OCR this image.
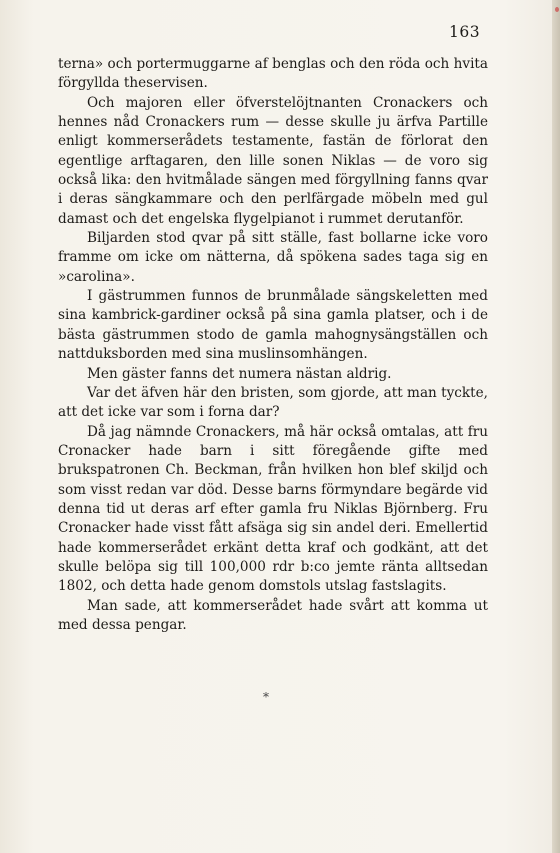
163

terna» och portermuggarne af benglas och den röda och hvita förgyllda theservisen.

Och majoren eller öfverstelöjtnanten Cronackers och hennes nåd Cronackers rum — desse skulle ju ärfva Partille enligt kommerserådets testamente, fastän de förlorat den egentlige arftagaren, den lille sonen Niklas — de voro sig också lika: den hvitmålade sängen med förgyllning fanns qvar i deras sängkammare och den perlfärgade möbeln med gul damast och det engelska flygelpianot i rummet derutanför.

Biljarden stod qvar på sitt ställe, fast bollarne icke voro framme om icke om nätterna, då spökena sades taga sig en »carolina».

I gästrummen funnos de brunmålade sängskeletten med sina kambrick-gardiner också på sina gamla platser, och i de bästa gästrummen stodo de gamla mahognysängställen och nattduksborden med sina muslinsomhängen.

Men gäster fanns det numera nästan aldrig.

Var det äfven här den bristen, som gjorde, att man tyckte, att det icke var som i forna dar?

Då jag nämnde Cronackers, må här också omtalas, att fru Cronacker hade barn i sitt föregående gifte med brukspatronen Ch. Beckman, från hvilken hon blef skiljd och som visst redan var död. Desse barns förmyndare begärde vid denna tid ut deras arf efter gamla fru Niklas Björnberg. Fru Cronacker hade visst fått afsäga sig sin andel deri. Emellertid hade kommerserådet erkänt detta kraf och godkänt, att det skulle belöpa sig till 100,000 rdr b:co jemte ränta alltsedan 1802, och detta hade genom domstols utslag fastslagits.

Man sade, att kommerserådet hade svårt att komma ut med dessa pengar.

*
